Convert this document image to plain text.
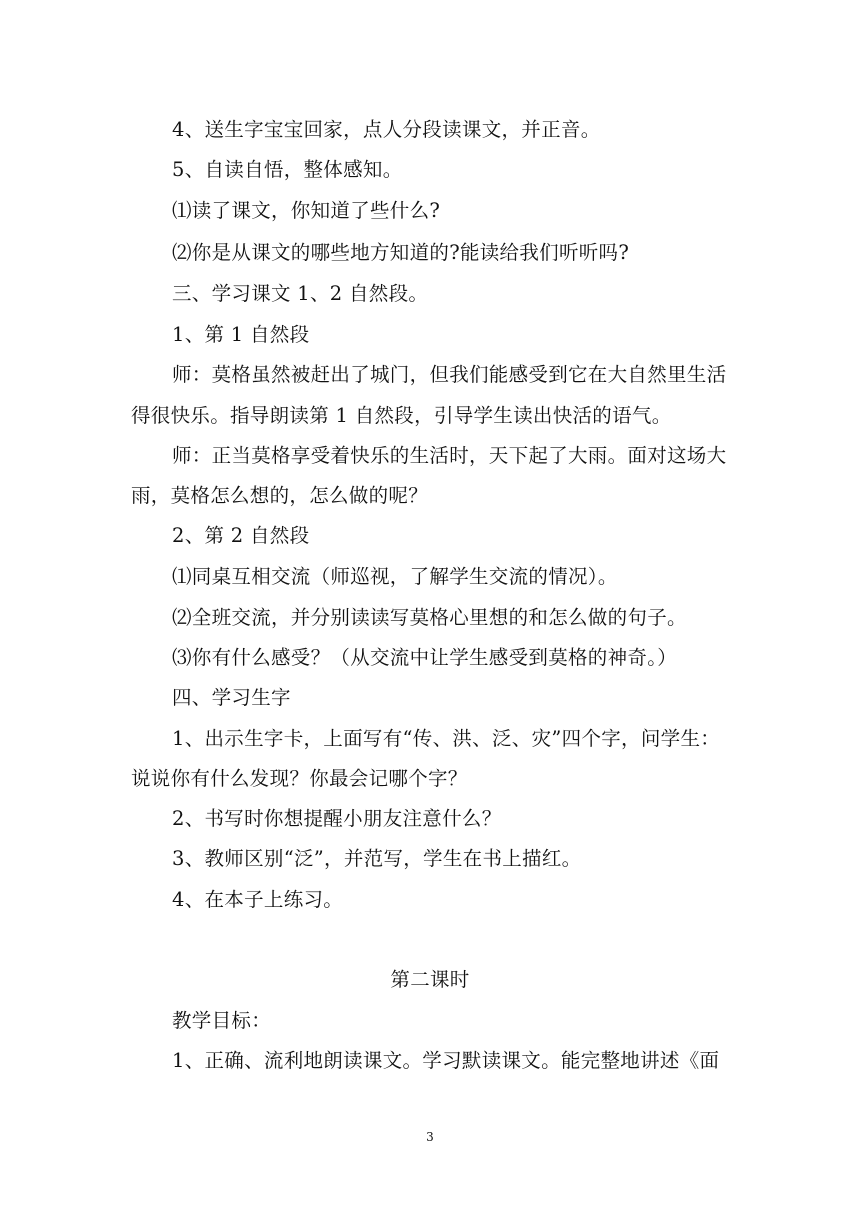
4、送生字宝宝回家，点人分段读课文，并正音。
5、自读自悟，整体感知。
⑴读了课文，你知道了些什么?
⑵你是从课文的哪些地方知道的?能读给我们听听吗?
三、学习课文 1、2 自然段。
1、第 1 自然段
师：莫格虽然被赶出了城门，但我们能感受到它在大自然里生活
得很快乐。指导朗读第 1 自然段，引导学生读出快活的语气。
师：正当莫格享受着快乐的生活时，天下起了大雨。面对这场大
雨，莫格怎么想的，怎么做的呢？
2、第 2 自然段
⑴同桌互相交流（师巡视，了解学生交流的情况）。
⑵全班交流，并分别读读写莫格心里想的和怎么做的句子。
⑶你有什么感受？（从交流中让学生感受到莫格的神奇。）
四、学习生字
1、出示生字卡，上面写有“传、洪、泛、灾”四个字，问学生：
说说你有什么发现？你最会记哪个字？
2、书写时你想提醒小朋友注意什么？
3、教师区别“泛”，并范写，学生在书上描红。
4、在本子上练习。
第二课时
教学目标：
1、正确、流利地朗读课文。学习默读课文。能完整地讲述《面
3
